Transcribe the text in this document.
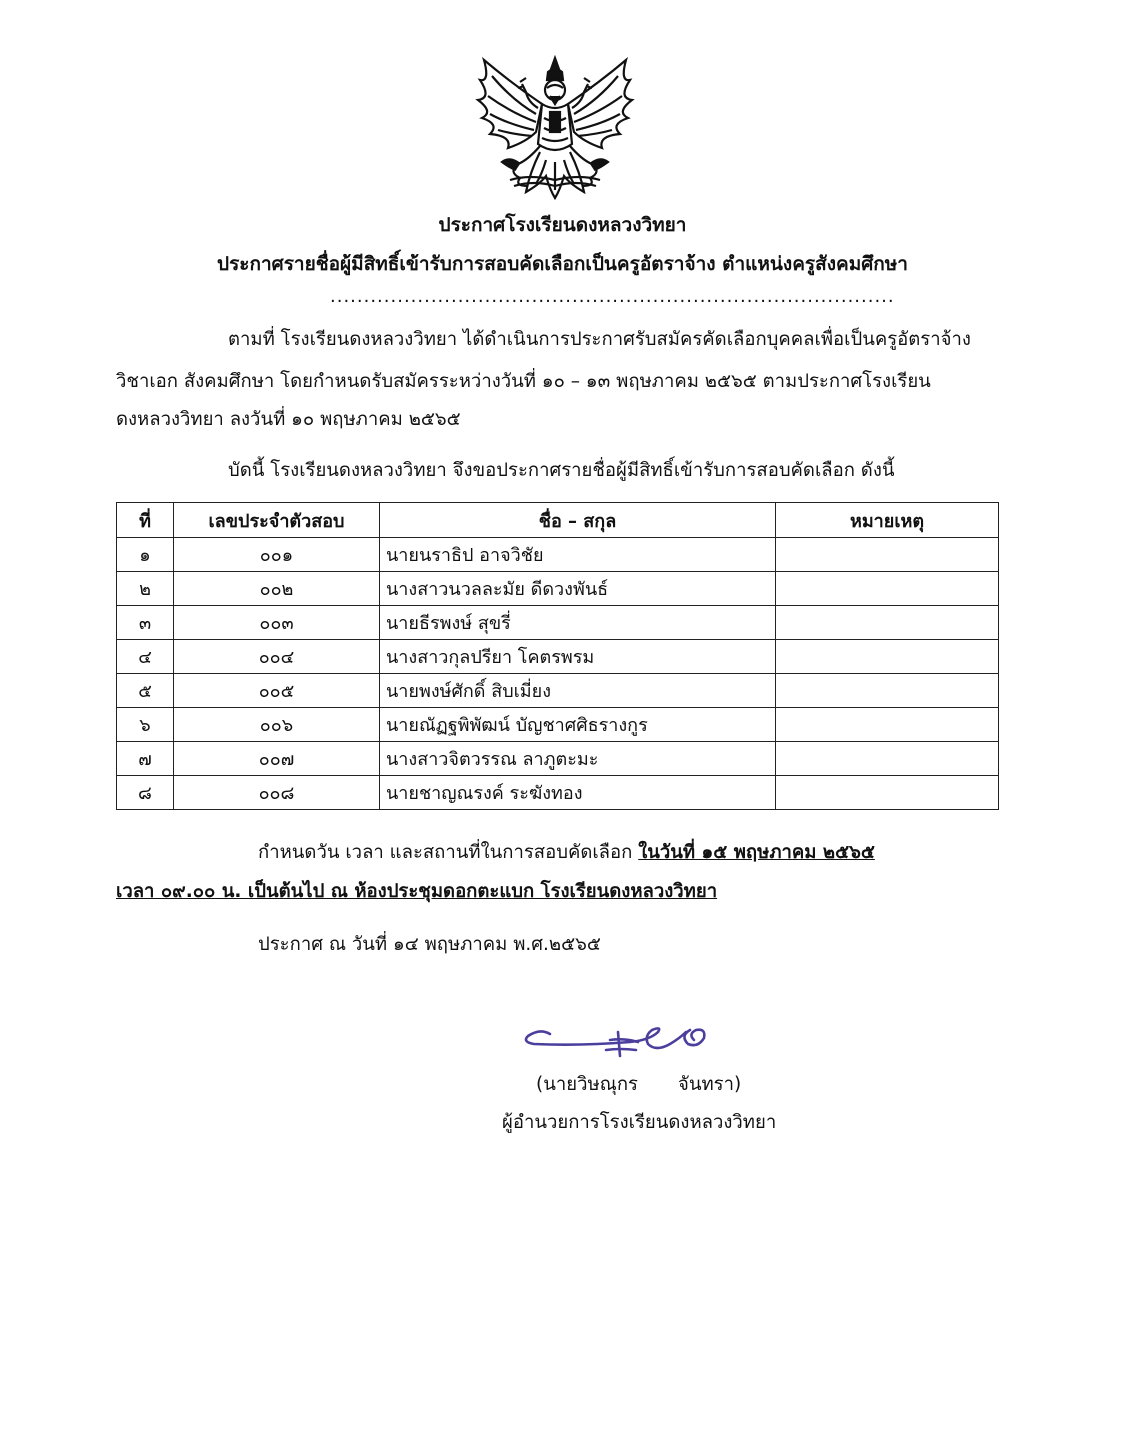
ประกาศโรงเรียนดงหลวงวิทยา
ประกาศรายชื่อผู้มีสิทธิ์เข้ารับการสอบคัดเลือกเป็นครูอัตราจ้าง ตำแหน่งครูสังคมศึกษา
....................................................................................
ตามที่ โรงเรียนดงหลวงวิทยา ได้ดำเนินการประกาศรับสมัครคัดเลือกบุคคลเพื่อเป็นครูอัตราจ้าง
วิชาเอก สังคมศึกษา โดยกำหนดรับสมัครระหว่างวันที่ ๑๐ – ๑๓ พฤษภาคม ๒๕๖๕ ตามประกาศโรงเรียน
ดงหลวงวิทยา ลงวันที่ ๑๐ พฤษภาคม ๒๕๖๕
บัดนี้ โรงเรียนดงหลวงวิทยา จึงขอประกาศรายชื่อผู้มีสิทธิ์เข้ารับการสอบคัดเลือก ดังนี้
ที่	เลขประจำตัวสอบ	ชื่อ – สกุล	หมายเหตุ
๑	๐๐๑	นายนราธิป อาจวิชัย	
๒	๐๐๒	นางสาวนวลละมัย ดีดวงพันธ์	
๓	๐๐๓	นายธีรพงษ์ สุขรี่	
๔	๐๐๔	นางสาวกุลปรียา โคตรพรม	
๕	๐๐๕	นายพงษ์ศักดิ์ สิบเมี่ยง	
๖	๐๐๖	นายณัฏฐพิพัฒน์ บัญชาศศิธรางกูร	
๗	๐๐๗	นางสาวจิตวรรณ ลาภูตะมะ	
๘	๐๐๘	นายชาญณรงค์ ระฆังทอง	
กำหนดวัน เวลา และสถานที่ในการสอบคัดเลือก ในวันที่ ๑๕ พฤษภาคม ๒๕๖๕
เวลา ๐๙.๐๐ น. เป็นต้นไป ณ ห้องประชุมดอกตะแบก โรงเรียนดงหลวงวิทยา
ประกาศ ณ วันที่ ๑๔ พฤษภาคม พ.ศ.๒๕๖๕
(นายวิษณุกร จันทรา)
ผู้อำนวยการโรงเรียนดงหลวงวิทยา
